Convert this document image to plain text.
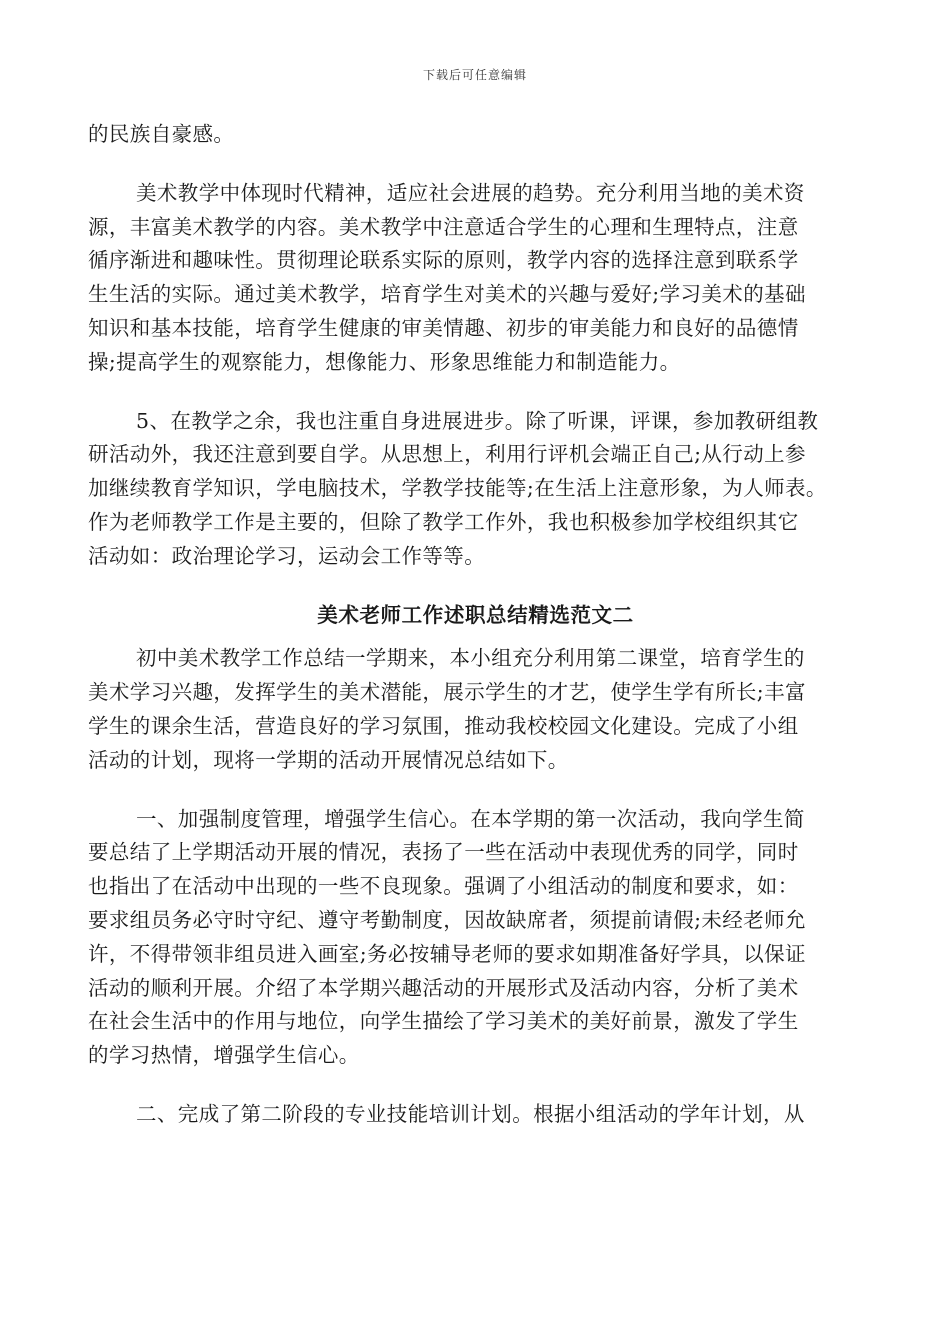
下载后可任意编辑

的民族自豪感。

美术教学中体现时代精神，适应社会进展的趋势。充分利用当地的美术资
源，丰富美术教学的内容。美术教学中注意适合学生的心理和生理特点，注意
循序渐进和趣味性。贯彻理论联系实际的原则，教学内容的选择注意到联系学
生生活的实际。通过美术教学，培育学生对美术的兴趣与爱好;学习美术的基础
知识和基本技能，培育学生健康的审美情趣、初步的审美能力和良好的品德情
操;提高学生的观察能力，想像能力、形象思维能力和制造能力。

5、在教学之余，我也注重自身进展进步。除了听课，评课，参加教研组教
研活动外，我还注意到要自学。从思想上，利用行评机会端正自己;从行动上参
加继续教育学知识，学电脑技术，学教学技能等;在生活上注意形象，为人师表。
作为老师教学工作是主要的，但除了教学工作外，我也积极参加学校组织其它
活动如：政治理论学习，运动会工作等等。

美术老师工作述职总结精选范文二

初中美术教学工作总结一学期来，本小组充分利用第二课堂，培育学生的
美术学习兴趣，发挥学生的美术潜能，展示学生的才艺，使学生学有所长;丰富
学生的课余生活，营造良好的学习氛围，推动我校校园文化建设。完成了小组
活动的计划，现将一学期的活动开展情况总结如下。

一、加强制度管理，增强学生信心。在本学期的第一次活动，我向学生简
要总结了上学期活动开展的情况，表扬了一些在活动中表现优秀的同学，同时
也指出了在活动中出现的一些不良现象。强调了小组活动的制度和要求，如：
要求组员务必守时守纪、遵守考勤制度，因故缺席者，须提前请假;未经老师允
许，不得带领非组员进入画室;务必按辅导老师的要求如期准备好学具，以保证
活动的顺利开展。介绍了本学期兴趣活动的开展形式及活动内容，分析了美术
在社会生活中的作用与地位，向学生描绘了学习美术的美好前景，激发了学生
的学习热情，增强学生信心。

二、完成了第二阶段的专业技能培训计划。根据小组活动的学年计划，从
